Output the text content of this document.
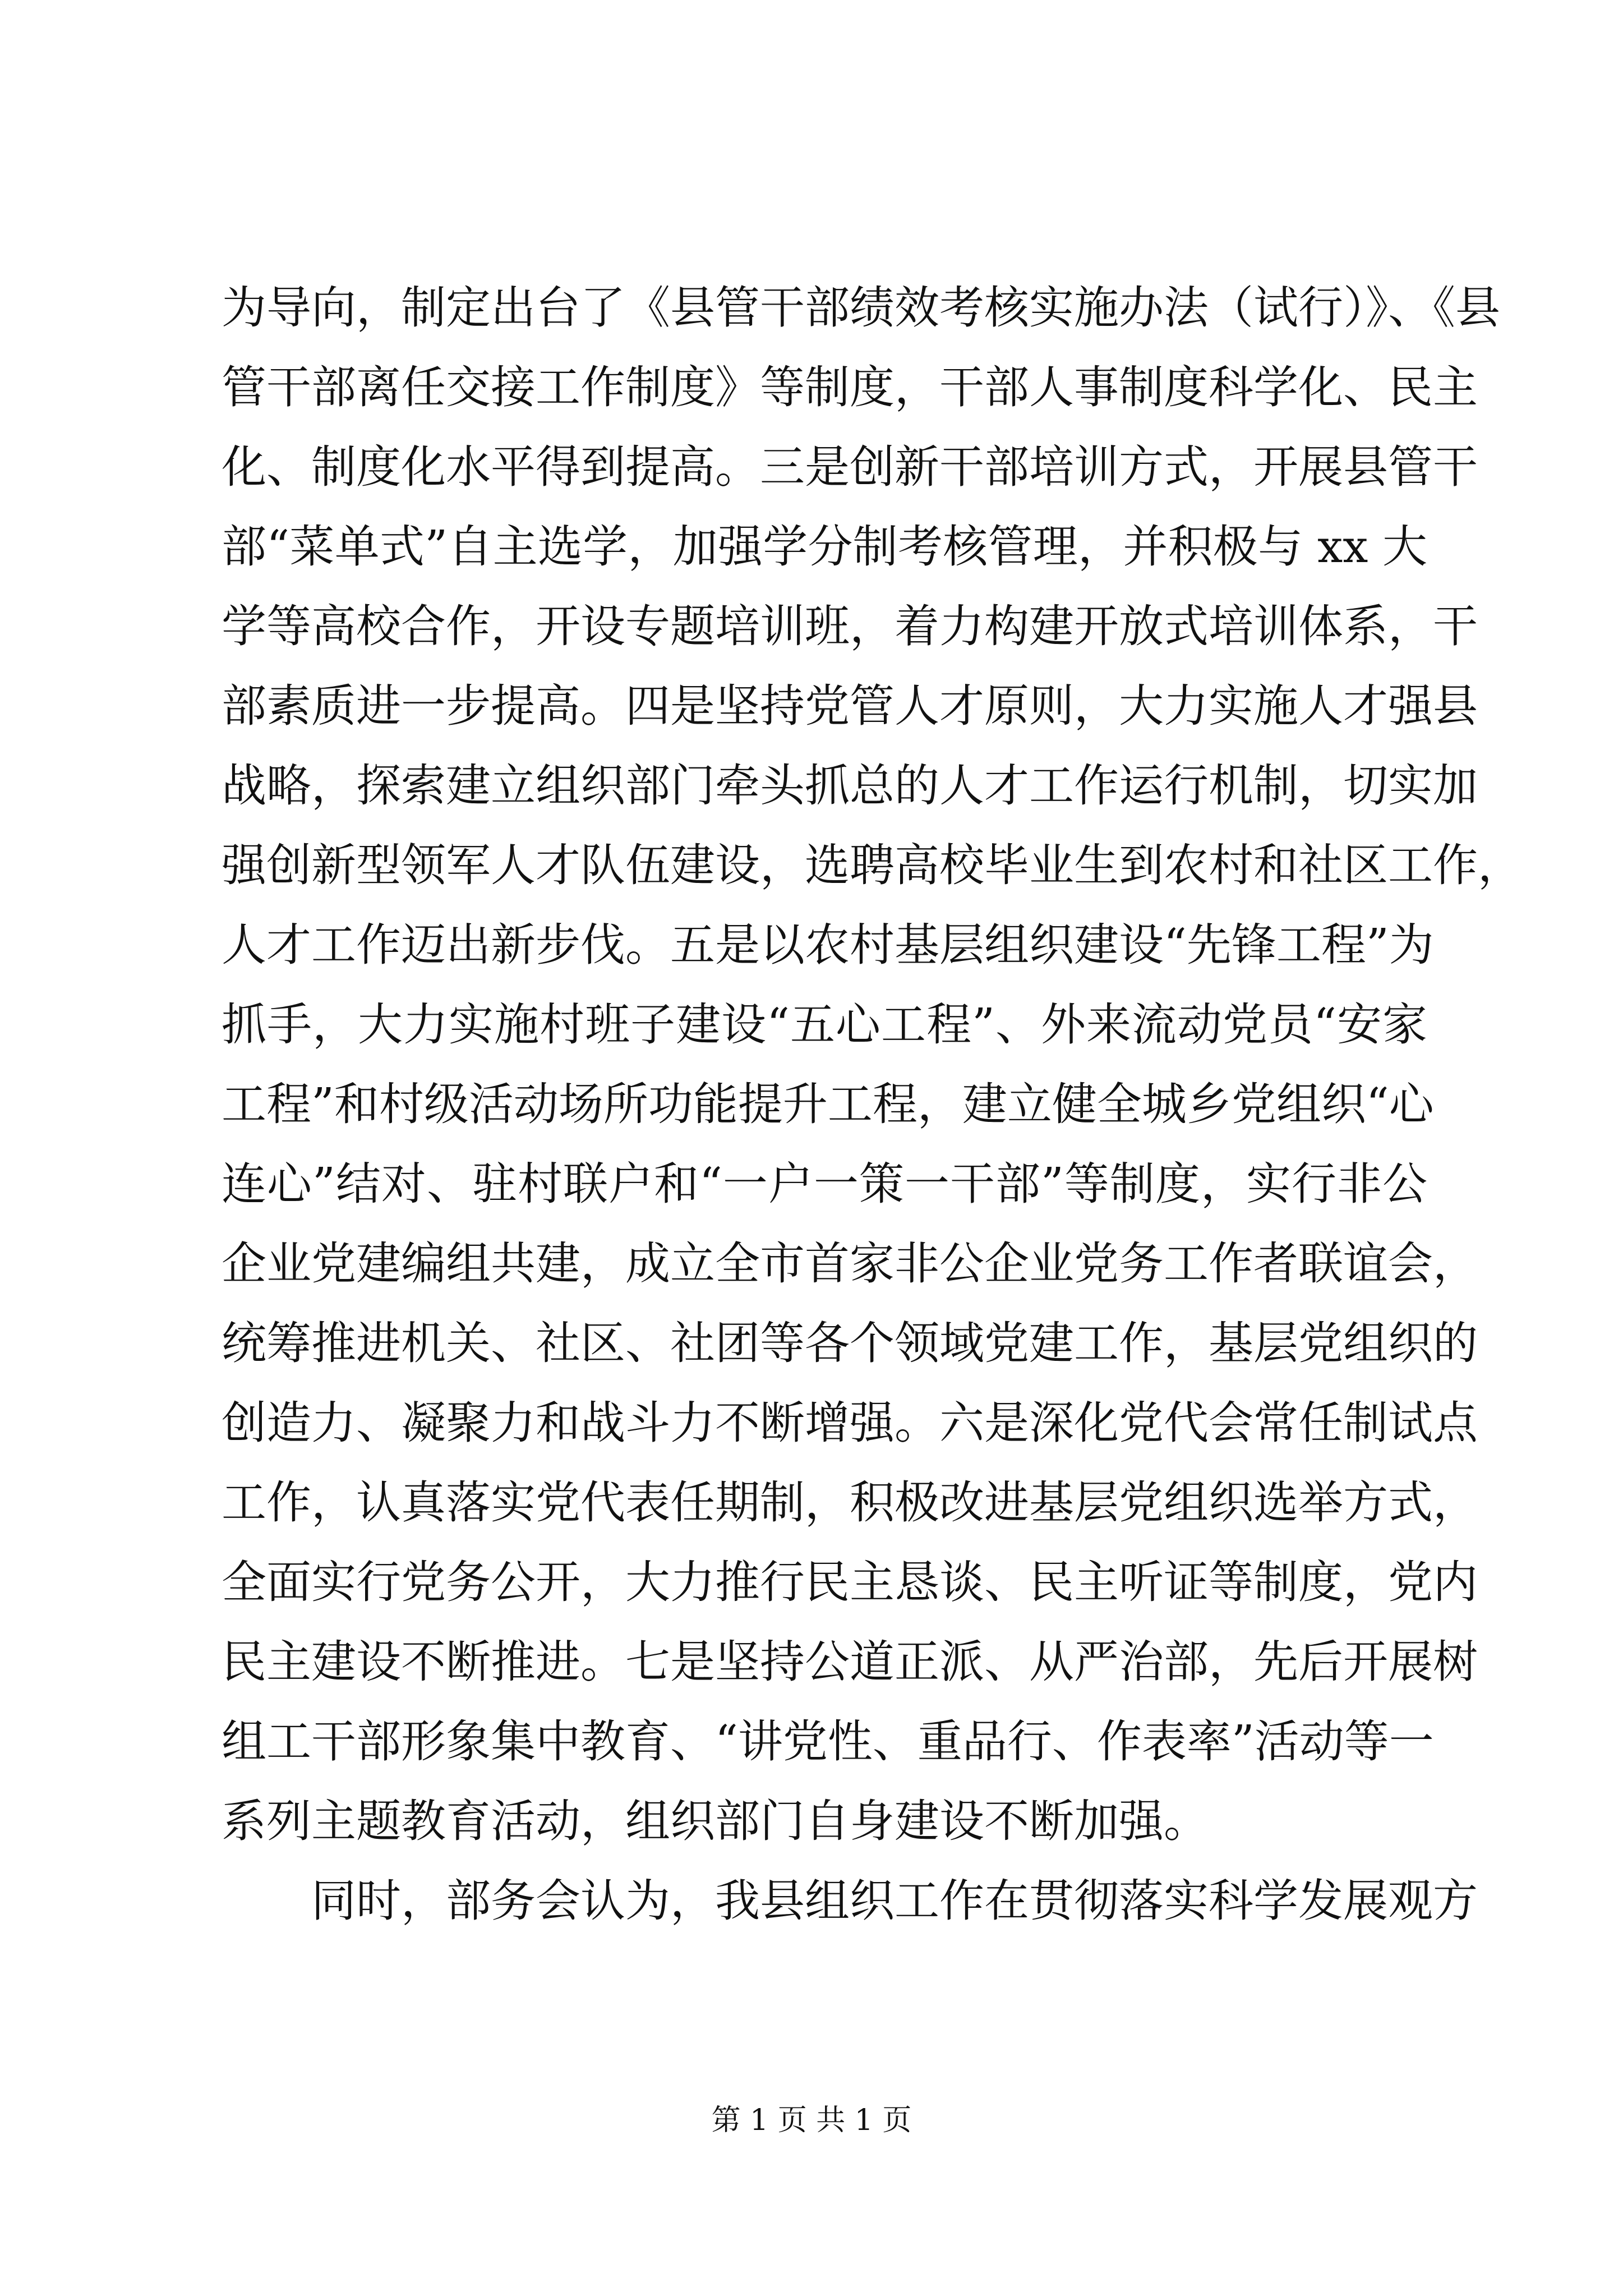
为导向，制定出台了《县管干部绩效考核实施办法（试行）》、《县
管干部离任交接工作制度》等制度，干部人事制度科学化、民主
化、制度化水平得到提高。三是创新干部培训方式，开展县管干
部“菜单式”自主选学，加强学分制考核管理，并积极与 xx 大
学等高校合作，开设专题培训班，着力构建开放式培训体系，干
部素质进一步提高。四是坚持党管人才原则，大力实施人才强县
战略，探索建立组织部门牵头抓总的人才工作运行机制，切实加
强创新型领军人才队伍建设，选聘高校毕业生到农村和社区工作，
人才工作迈出新步伐。五是以农村基层组织建设“先锋工程”为
抓手，大力实施村班子建设“五心工程”、外来流动党员“安家
工程”和村级活动场所功能提升工程，建立健全城乡党组织“心
连心”结对、驻村联户和“一户一策一干部”等制度，实行非公
企业党建编组共建，成立全市首家非公企业党务工作者联谊会，
统筹推进机关、社区、社团等各个领域党建工作，基层党组织的
创造力、凝聚力和战斗力不断增强。六是深化党代会常任制试点
工作，认真落实党代表任期制，积极改进基层党组织选举方式，
全面实行党务公开，大力推行民主恳谈、民主听证等制度，党内
民主建设不断推进。七是坚持公道正派、从严治部，先后开展树
组工干部形象集中教育、“讲党性、重品行、作表率”活动等一
系列主题教育活动，组织部门自身建设不断加强。
同时，部务会认为，我县组织工作在贯彻落实科学发展观方
第 1 页 共 1 页
